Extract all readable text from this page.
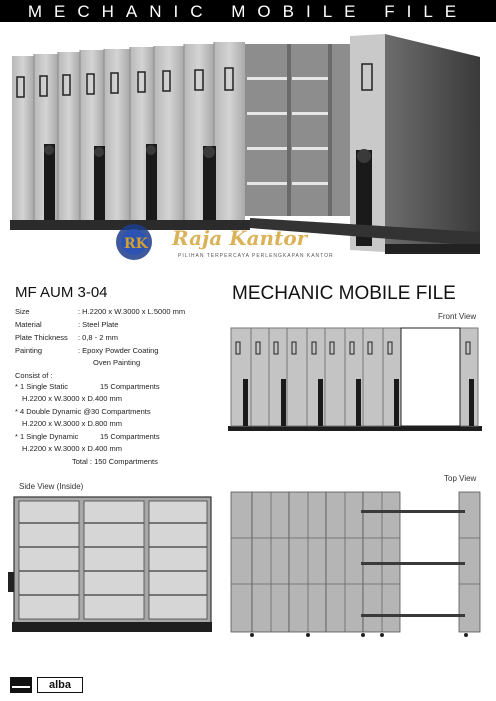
MECHANIC MOBILE FILE
RK Raja Kantor
PILIHAN TERPERCAYA PERLENGKAPAN KANTOR
MF AUM 3-04	MECHANIC MOBILE FILE
Size	: H.2200 x W.3000 x L.5000 mm
Material	: Steel Plate
Plate Thickness : 0,8 - 2 mm
Painting	: Epoxy Powder Coating
Oven Painting
Consist of :
* 1 Single Static	15 Compartments
H.2200 x W.3000 x D.400 mm
* 4 Double Dynamic @30 Compartments
H.2200 x W.3000 x D.800 mm
* 1 Single Dynamic	15 Compartments
H.2200 x W.3000 x D.400 mm
Total : 150 Compartments
Front View
Side View (Inside)
Top View
alba
